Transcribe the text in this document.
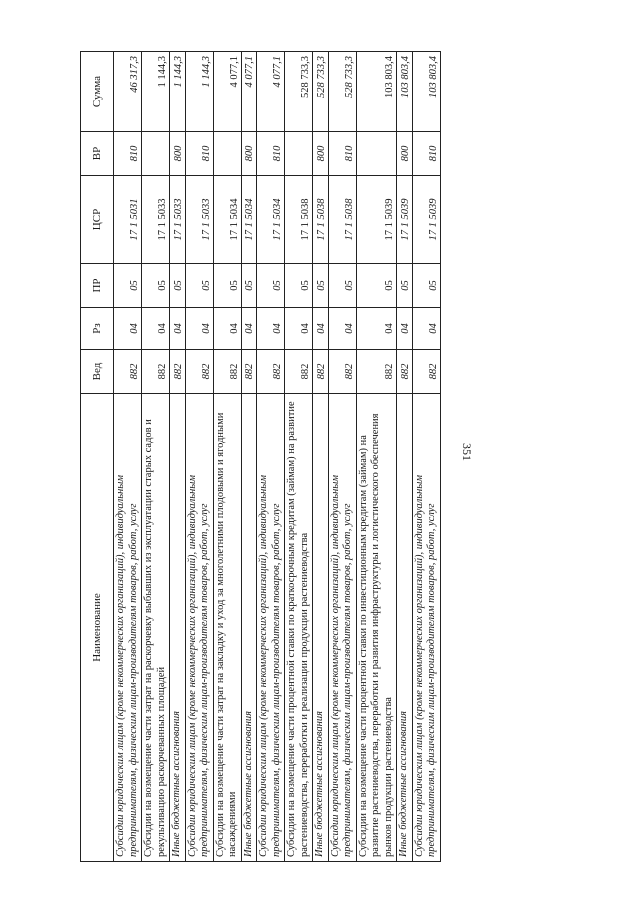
351
Наименование	Вед	Рз	ПР	ЦСР	ВР	Сумма
Субсидии юридическим лицам (кроме некоммерческих организаций), индивидуальным предпринимателям, физическим лицам-производителям товаров, работ, услуг	882	04	05	17 1 5031	810	46 317,3
Субсидии на возмещение части затрат на раскорчевку выбывших из эксплуатации старых садов и рекультивацию раскорчеванных площадей	882	04	05	17 1 5033		1 144,3
Иные бюджетные ассигнования	882	04	05	17 1 5033	800	1 144,3
Субсидии юридическим лицам (кроме некоммерческих организаций), индивидуальным предпринимателям, физическим лицам-производителям товаров, работ, услуг	882	04	05	17 1 5033	810	1 144,3
Субсидии на возмещение части затрат на закладку и уход за многолетними плодовыми и ягодными насаждениями	882	04	05	17 1 5034		4 077,1
Иные бюджетные ассигнования	882	04	05	17 1 5034	800	4 077,1
Субсидии юридическим лицам (кроме некоммерческих организаций), индивидуальным предпринимателям, физическим лицам-производителям товаров, работ, услуг	882	04	05	17 1 5034	810	4 077,1
Субсидии на возмещение части процентной ставки по краткосрочным кредитам (займам) на развитие растениеводства, переработки и реализации продукции растениеводства	882	04	05	17 1 5038		528 733,3
Иные бюджетные ассигнования	882	04	05	17 1 5038	800	528 733,3
Субсидии юридическим лицам (кроме некоммерческих организаций), индивидуальным предпринимателям, физическим лицам-производителям товаров, работ, услуг	882	04	05	17 1 5038	810	528 733,3
Субсидии на возмещение части процентной ставки по инвестиционным кредитам (займам) на развитие растениеводства, переработки и развития инфраструктуры и логистического обеспечения рынков продукции растениеводства	882	04	05	17 1 5039		103 803,4
Иные бюджетные ассигнования	882	04	05	17 1 5039	800	103 803,4
Субсидии юридическим лицам (кроме некоммерческих организаций), индивидуальным предпринимателям, физическим лицам-производителям товаров, работ, услуг	882	04	05	17 1 5039	810	103 803,4
